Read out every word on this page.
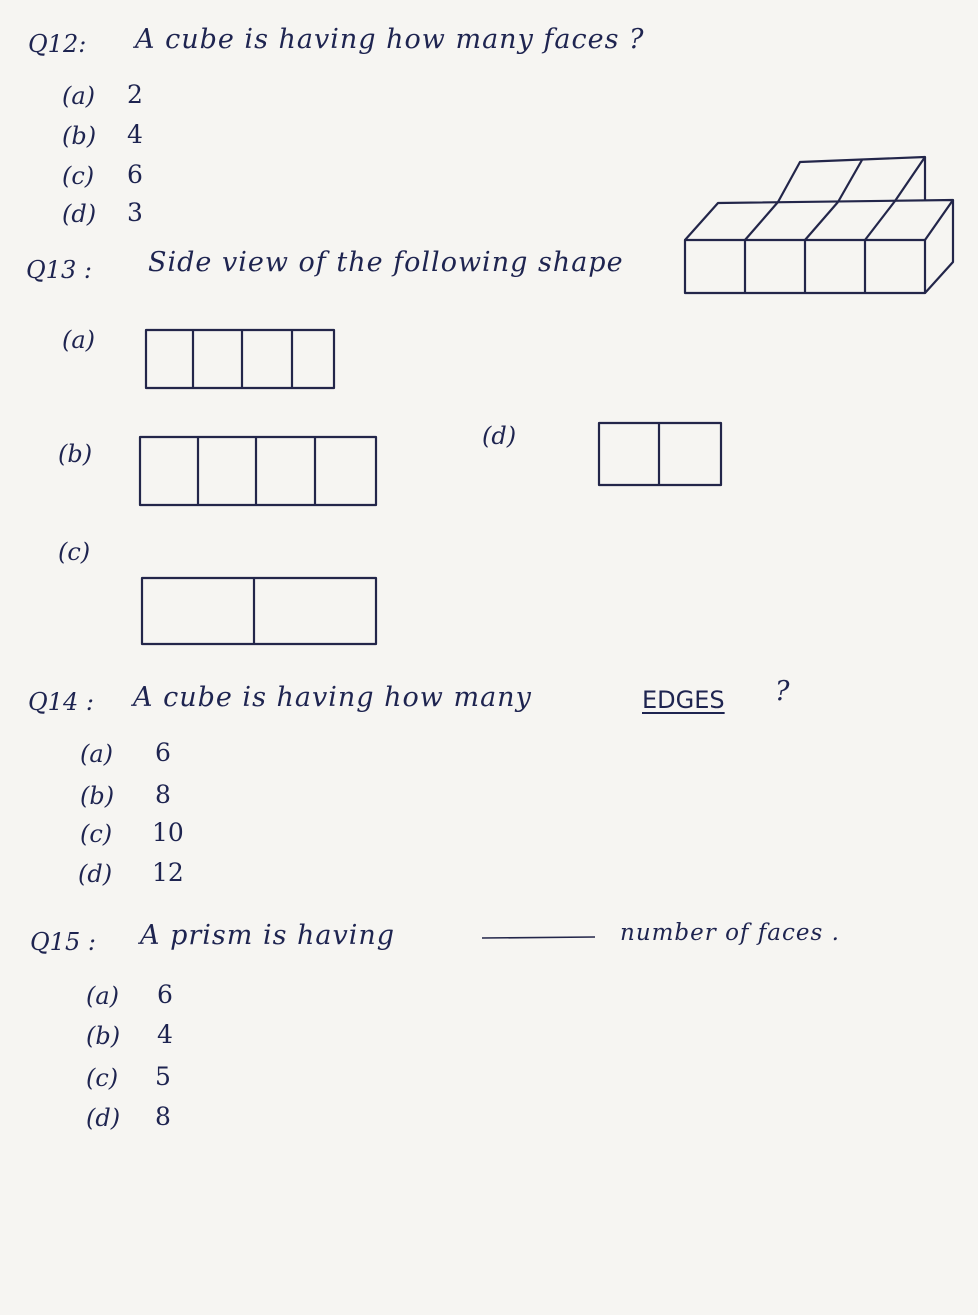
Q12: A cube is having how many faces ?
(a) 2
(b) 4
(c) 6
(d) 3
Q13 : Side view of the following shape
(a)
(b)
(c)
(d)
Q14 : A cube is having how many	EDGES ?
(a) 6
(b) 8
(c) 10
(d) 12
Q15 : A prism is having	number of faces .
(a) 6
(b) 4
(c) 5
(d) 8
